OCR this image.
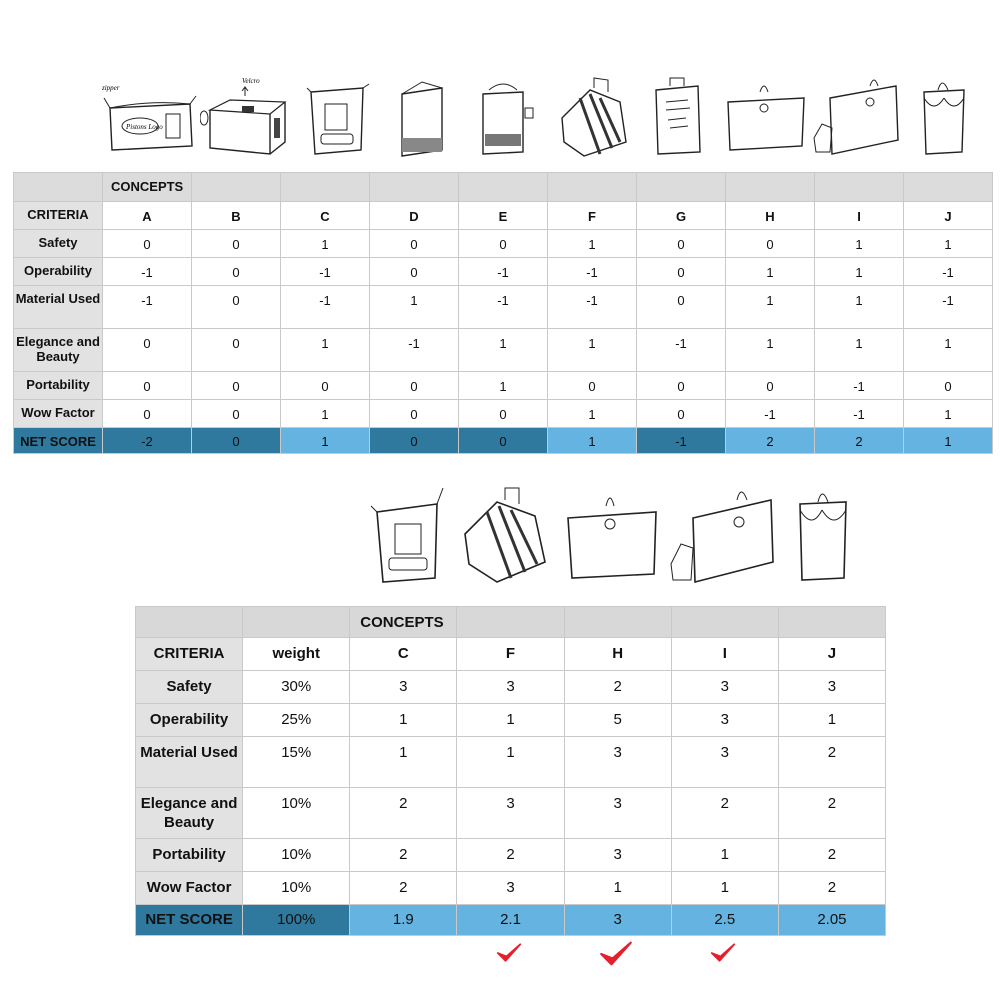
zipper
Pistons Logo
Velcro
	CONCEPTS									
CRITERIA	A	B	C	D	E	F	G	H	I	J
Safety	0	0	1	0	0	1	0	0	1	1
Operability	-1	0	-1	0	-1	-1	0	1	1	-1
Material Used	-1	0	-1	1	-1	-1	0	1	1	-1
Elegance and Beauty	0	0	1	-1	1	1	-1	1	1	1
Portability	0	0	0	0	1	0	0	0	-1	0
Wow Factor	0	0	1	0	0	1	0	-1	-1	1
NET SCORE	-2	0	1	0	0	1	-1	2	2	1
		CONCEPTS				
CRITERIA	weight	C	F	H	I	J
Safety	30%	3	3	2	3	3
Operability	25%	1	1	5	3	1
Material Used	15%	1	1	3	3	2
Elegance and Beauty	10%	2	3	3	2	2
Portability	10%	2	2	3	1	2
Wow Factor	10%	2	3	1	1	2
NET SCORE	100%	1.9	2.1	3	2.5	2.05
